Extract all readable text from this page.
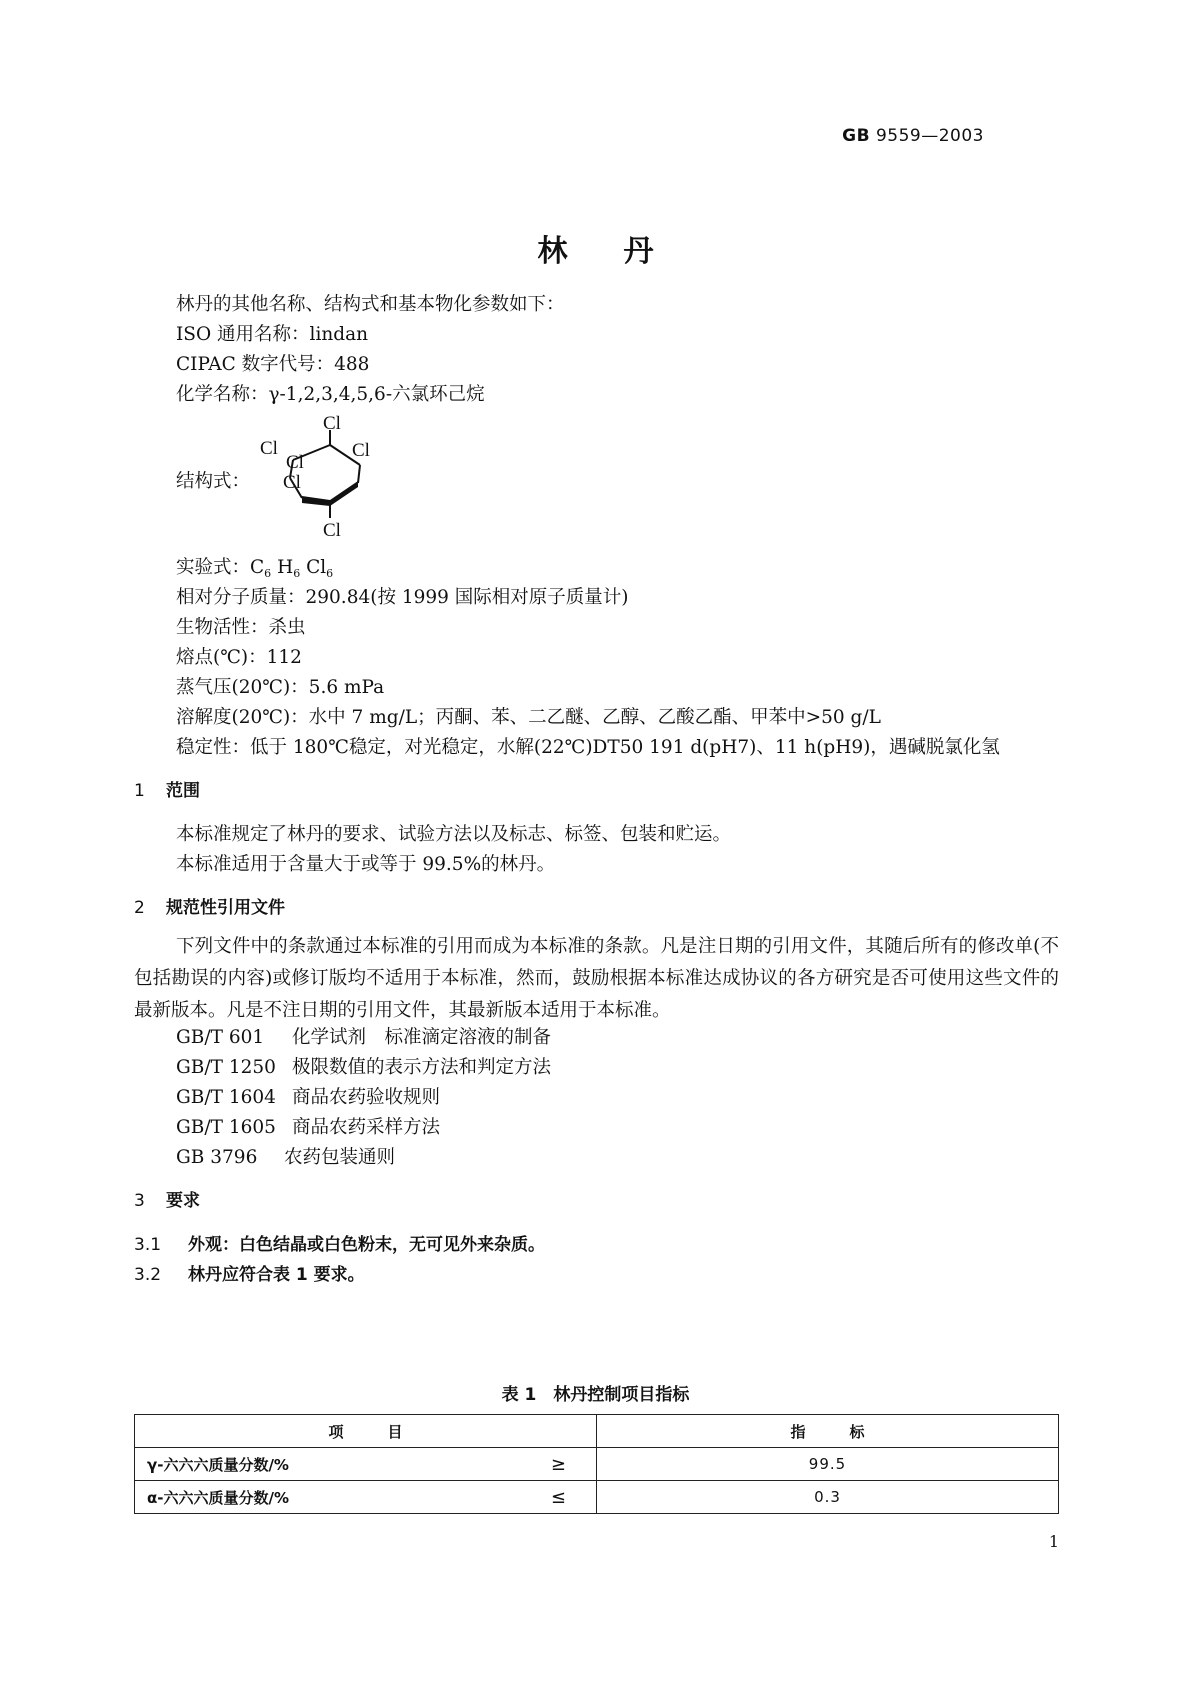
GB 9559—2003
林丹
林丹的其他名称、结构式和基本物化参数如下：
ISO 通用名称：lindan
CIPAC 数字代号：488
化学名称：γ-1,2,3,4,5,6-六氯环己烷
结构式：
Cl
Cl
Cl
Cl
Cl
Cl
实验式：$C_6$ $H_6$ $Cl_6$
相对分子质量：290.84(按 1999 国际相对原子质量计)
生物活性：杀虫
熔点(℃)：112
蒸气压(20℃)：5.6 mPa
溶解度(20℃)：水中 7 mg/L；丙酮、苯、二乙醚、乙醇、乙酸乙酯、甲苯中>50 g/L
稳定性：低于 180℃稳定，对光稳定，水解(22℃)DT50 191 d(pH7)、11 h(pH9)，遇碱脱氯化氢
1 范围
本标准规定了林丹的要求、试验方法以及标志、标签、包装和贮运。
本标准适用于含量大于或等于 99.5%的林丹。
2 规范性引用文件
下列文件中的条款通过本标准的引用而成为本标准的条款。凡是注日期的引用文件，其随后所有的修改单(不包括勘误的内容)或修订版均不适用于本标准，然而，鼓励根据本标准达成协议的各方研究是否可使用这些文件的最新版本。凡是不注日期的引用文件，其最新版本适用于本标准。
GB/T 601 化学试剂　标准滴定溶液的制备
GB/T 1250 极限数值的表示方法和判定方法
GB/T 1604 商品农药验收规则
GB/T 1605 商品农药采样方法
GB 3796 农药包装通则
3 要求
3.1 外观：白色结晶或白色粉末，无可见外来杂质。
3.2 林丹应符合表 1 要求。
表 1　林丹控制项目指标
项目	指标
γ-六六六质量分数/% ≥	99.5
α-六六六质量分数/% ≤	0.3
1
